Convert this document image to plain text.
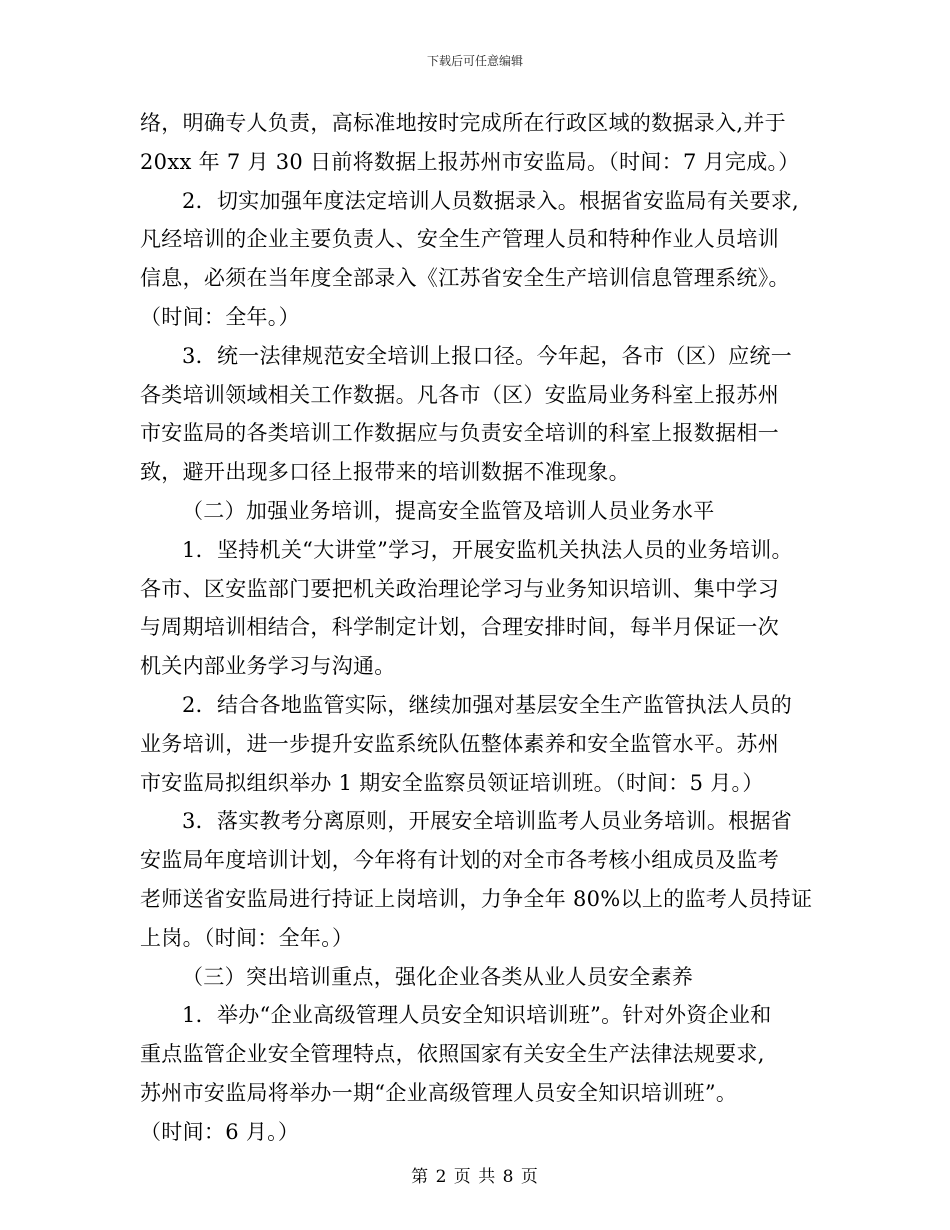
下载后可任意编辑
络，明确专人负责，高标准地按时完成所在行政区域的数据录入,并于
20xx 年 7 月 30 日前将数据上报苏州市安监局。（时间：7 月完成。）
2．切实加强年度法定培训人员数据录入。根据省安监局有关要求,
凡经培训的企业主要负责人、安全生产管理人员和特种作业人员培训
信息，必须在当年度全部录入《江苏省安全生产培训信息管理系统》。
（时间：全年。）
3．统一法律规范安全培训上报口径。今年起，各市（区）应统一
各类培训领域相关工作数据。凡各市（区）安监局业务科室上报苏州
市安监局的各类培训工作数据应与负责安全培训的科室上报数据相一
致，避开出现多口径上报带来的培训数据不准现象。
（二）加强业务培训，提高安全监管及培训人员业务水平
1．坚持机关“大讲堂”学习，开展安监机关执法人员的业务培训。
各市、区安监部门要把机关政治理论学习与业务知识培训、集中学习
与周期培训相结合，科学制定计划，合理安排时间，每半月保证一次
机关内部业务学习与沟通。
2．结合各地监管实际，继续加强对基层安全生产监管执法人员的
业务培训，进一步提升安监系统队伍整体素养和安全监管水平。苏州
市安监局拟组织举办 1 期安全监察员领证培训班。（时间：5 月。）
3．落实教考分离原则，开展安全培训监考人员业务培训。根据省
安监局年度培训计划，今年将有计划的对全市各考核小组成员及监考
老师送省安监局进行持证上岗培训，力争全年 80%以上的监考人员持证
上岗。（时间：全年。）
（三）突出培训重点，强化企业各类从业人员安全素养
1．举办“企业高级管理人员安全知识培训班”。针对外资企业和
重点监管企业安全管理特点，依照国家有关安全生产法律法规要求,
苏州市安监局将举办一期“企业高级管理人员安全知识培训班”。
（时间：6 月。）
第 2 页 共 8 页
